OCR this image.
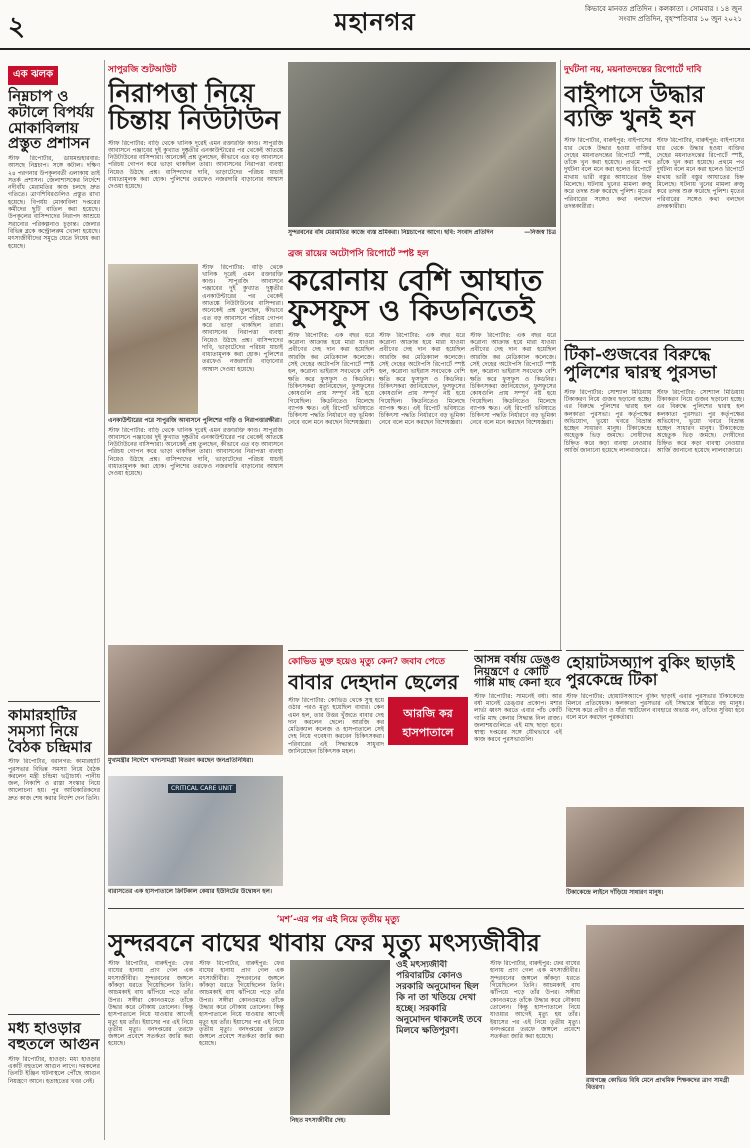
২	মহানগর	কিভাবে মানবত প্রতিদিন । কলকাতা । সোমবার । ১৪ জুন
সংবাদ প্রতিদিন, বৃহস্পতিবার ১০ জুন ২০২১
এক ঝলক
নিম্নচাপ ও কটালে বিপর্যয় মোকাবিলায় প্রস্তুত প্রশাসন
স্টাফ রিপোর্টার, ডায়মন্ডহারবার: আসছে নিম্নচাপ। সঙ্গে কটাল। দক্ষিণ ২৪ পরগনার উপকূলবর্তী এলাকায় তাই সতর্ক প্রশাসন। জেলাশাসকের নির্দেশে নদীবাঁধ মেরামতির কাজ চলছে দ্রুত গতিতে। ত্রাণশিবিরগুলিও প্রস্তুত রাখা হয়েছে। বিপর্যয় মোকাবিলা দপ্তরের কর্মীদের ছুটি বাতিল করা হয়েছে। উপকূলের বাসিন্দাদের নিরাপদ আশ্রয়ে সরানোর পরিকল্পনাও চূড়ান্ত। জেলার বিভিন্ন ব্লকে কন্ট্রোলরুম খোলা হয়েছে। মৎস্যজীবীদের সমুদ্রে যেতে নিষেধ করা হয়েছে।
কামারহাটির সমস্যা নিয়ে বৈঠক চন্দ্রিমার
স্টাফ রিপোর্টার, বরানগর: কামারহাটি পুরসভার বিভিন্ন সমস্যা নিয়ে বৈঠক করলেন মন্ত্রী চন্দ্রিমা ভট্টাচার্য। পানীয় জল, নিকাশি ও রাস্তা সংস্কার নিয়ে আলোচনা হয়। পুর আধিকারিকদের দ্রুত কাজ শেষ করার নির্দেশ দেন তিনি।
মধ্য হাওড়ার বহুতলে আগুন
স্টাফ রিপোর্টার, হাওড়া: মধ্য হাওড়ার একটি বহুতলে আগুন লাগে। দমকলের তিনটি ইঞ্জিন ঘটনাস্থলে পৌঁছে আগুন নিয়ন্ত্রণে আনে। হতাহতের খবর নেই।
সাপুরজি শুটআউট
নিরাপত্তা নিয়ে চিন্তায় নিউটাউন
স্টাফ রিপোর্টার: বাড়ি থেকে খানিক দূরেই এমন রক্তারক্তি কাণ্ড। সাপুরজি আবাসনে পঞ্জাবের দুই কুখ্যাত দুষ্কৃতীর এনকাউন্টারের পর থেকেই আতঙ্কে নিউটাউনের বাসিন্দারা। অনেকেই প্রশ্ন তুলছেন, কীভাবে এত বড় আবাসনে পরিচয় গোপন করে ভাড়া থাকছিল তারা। আবাসনের নিরাপত্তা ব্যবস্থা নিয়েও উঠছে প্রশ্ন। বাসিন্দাদের দাবি, ভাড়াটেদের পরিচয় যাচাই বাধ্যতামূলক করা হোক। পুলিশের তরফেও নজরদারি বাড়ানোর আশ্বাস দেওয়া হয়েছে।
স্টাফ রিপোর্টার: বাড়ি থেকে খানিক দূরেই এমন রক্তারক্তি কাণ্ড। সাপুরজি আবাসনে পঞ্জাবের দুই কুখ্যাত দুষ্কৃতীর এনকাউন্টারের পর থেকেই আতঙ্কে নিউটাউনের বাসিন্দারা। অনেকেই প্রশ্ন তুলছেন, কীভাবে এত বড় আবাসনে পরিচয় গোপন করে ভাড়া থাকছিল তারা। আবাসনের নিরাপত্তা ব্যবস্থা নিয়েও উঠছে প্রশ্ন। বাসিন্দাদের দাবি, ভাড়াটেদের পরিচয় যাচাই বাধ্যতামূলক করা হোক। পুলিশের তরফেও নজরদারি বাড়ানোর আশ্বাস দেওয়া হয়েছে।
এনকাউন্টারের পরে সাপুরজি আবাসনে পুলিশের গাড়ি ও নিরাপত্তারক্ষীরা।
স্টাফ রিপোর্টার: বাড়ি থেকে খানিক দূরেই এমন রক্তারক্তি কাণ্ড। সাপুরজি আবাসনে পঞ্জাবের দুই কুখ্যাত দুষ্কৃতীর এনকাউন্টারের পর থেকেই আতঙ্কে নিউটাউনের বাসিন্দারা। অনেকেই প্রশ্ন তুলছেন, কীভাবে এত বড় আবাসনে পরিচয় গোপন করে ভাড়া থাকছিল তারা। আবাসনের নিরাপত্তা ব্যবস্থা নিয়েও উঠছে প্রশ্ন। বাসিন্দাদের দাবি, ভাড়াটেদের পরিচয় যাচাই বাধ্যতামূলক করা হোক। পুলিশের তরফেও নজরদারি বাড়ানোর আশ্বাস দেওয়া হয়েছে।
সুন্দরবনের বাঁধ মেরামতির কাজে ব্যস্ত শ্রমিকরা। নিম্নচাপের আগে। ছবি: সংবাদ প্রতিদিন	—নিজস্ব চিত্র
ব্রজ রায়ের অটোপসি রিপোর্টে স্পষ্ট হল
করোনায় বেশি আঘাত ফুসফুস ও কিডনিতেই
স্টাফ রিপোর্টার: এক বছর ধরে করোনা আক্রান্ত হয়ে মারা যাওয়া প্রবীণের দেহ দান করা হয়েছিল আরজি কর মেডিক্যাল কলেজে। সেই দেহের অটোপসি রিপোর্টে স্পষ্ট হল, করোনা ভাইরাস সবথেকে বেশি ক্ষতি করে ফুসফুস ও কিডনির। চিকিৎসকরা জানিয়েছেন, ফুসফুসের কোষগুলি প্রায় সম্পূর্ণ নষ্ট হয়ে গিয়েছিল। কিডনিতেও মিলেছে ব্যাপক ক্ষত। এই রিপোর্ট ভবিষ্যতে চিকিৎসা পদ্ধতি নির্ধারণে বড় ভূমিকা নেবে বলে মনে করছেন বিশেষজ্ঞরা।
স্টাফ রিপোর্টার: এক বছর ধরে করোনা আক্রান্ত হয়ে মারা যাওয়া প্রবীণের দেহ দান করা হয়েছিল আরজি কর মেডিক্যাল কলেজে। সেই দেহের অটোপসি রিপোর্টে স্পষ্ট হল, করোনা ভাইরাস সবথেকে বেশি ক্ষতি করে ফুসফুস ও কিডনির। চিকিৎসকরা জানিয়েছেন, ফুসফুসের কোষগুলি প্রায় সম্পূর্ণ নষ্ট হয়ে গিয়েছিল। কিডনিতেও মিলেছে ব্যাপক ক্ষত। এই রিপোর্ট ভবিষ্যতে চিকিৎসা পদ্ধতি নির্ধারণে বড় ভূমিকা নেবে বলে মনে করছেন বিশেষজ্ঞরা।
স্টাফ রিপোর্টার: এক বছর ধরে করোনা আক্রান্ত হয়ে মারা যাওয়া প্রবীণের দেহ দান করা হয়েছিল আরজি কর মেডিক্যাল কলেজে। সেই দেহের অটোপসি রিপোর্টে স্পষ্ট হল, করোনা ভাইরাস সবথেকে বেশি ক্ষতি করে ফুসফুস ও কিডনির। চিকিৎসকরা জানিয়েছেন, ফুসফুসের কোষগুলি প্রায় সম্পূর্ণ নষ্ট হয়ে গিয়েছিল। কিডনিতেও মিলেছে ব্যাপক ক্ষত। এই রিপোর্ট ভবিষ্যতে চিকিৎসা পদ্ধতি নির্ধারণে বড় ভূমিকা নেবে বলে মনে করছেন বিশেষজ্ঞরা।
দুর্ঘটনা নয়, ময়নাতদন্তের রিপোর্টে দাবি
বাইপাসে উদ্ধার ব্যক্তি খুনই হন
স্টাফ রিপোর্টার, বারুইপুর: বাইপাসের ধার থেকে উদ্ধার হওয়া ব্যক্তির দেহের ময়নাতদন্তের রিপোর্টে স্পষ্ট, তাঁকে খুন করা হয়েছে। প্রথমে পথ দুর্ঘটনা বলে মনে করা হলেও রিপোর্টে মাথায় ভারী বস্তুর আঘাতের চিহ্ন মিলেছে। ঘটনায় খুনের মামলা রুজু করে তদন্ত শুরু করেছে পুলিশ। মৃতের পরিবারের সঙ্গেও কথা বলছেন তদন্তকারীরা।
স্টাফ রিপোর্টার, বারুইপুর: বাইপাসের ধার থেকে উদ্ধার হওয়া ব্যক্তির দেহের ময়নাতদন্তের রিপোর্টে স্পষ্ট, তাঁকে খুন করা হয়েছে। প্রথমে পথ দুর্ঘটনা বলে মনে করা হলেও রিপোর্টে মাথায় ভারী বস্তুর আঘাতের চিহ্ন মিলেছে। ঘটনায় খুনের মামলা রুজু করে তদন্ত শুরু করেছে পুলিশ। মৃতের পরিবারের সঙ্গেও কথা বলছেন তদন্তকারীরা।
টিকা-গুজবের বিরুদ্ধে পুলিশের দ্বারস্থ পুরসভা
স্টাফ রিপোর্টার: সোশ্যাল মিডিয়ায় টিকাকরণ নিয়ে গুজব ছড়ানো হচ্ছে। এর বিরুদ্ধে পুলিশের দ্বারস্থ হল কলকাতা পুরসভা। পুর কর্তৃপক্ষের অভিযোগ, ভুয়ো খবরে বিভ্রান্ত হচ্ছেন সাধারণ মানুষ। টিকাকেন্দ্রে অহেতুক ভিড় জমছে। দোষীদের চিহ্নিত করে কড়া ব্যবস্থা নেওয়ার আর্জি জানানো হয়েছে লালবাজারে।
স্টাফ রিপোর্টার: সোশ্যাল মিডিয়ায় টিকাকরণ নিয়ে গুজব ছড়ানো হচ্ছে। এর বিরুদ্ধে পুলিশের দ্বারস্থ হল কলকাতা পুরসভা। পুর কর্তৃপক্ষের অভিযোগ, ভুয়ো খবরে বিভ্রান্ত হচ্ছেন সাধারণ মানুষ। টিকাকেন্দ্রে অহেতুক ভিড় জমছে। দোষীদের চিহ্নিত করে কড়া ব্যবস্থা নেওয়ার আর্জি জানানো হয়েছে লালবাজারে।
মুখ্যমন্ত্রীর নির্দেশে খাদ্যসামগ্রী বিতরণ করছেন জনপ্রতিনিধিরা।
CRITICAL CARE UNIT
বারাসতের এক হাসপাতালে ক্রিটিকাল কেয়ার ইউনিটের উদ্বোধন হল।
কোভিড মুক্ত হয়েও মৃত্যু কেন? জবাব পেতে
বাবার দেহদান ছেলের
আরজি কর হাসপাতালে
স্টাফ রিপোর্টার: কোভিড থেকে সুস্থ হয়ে ওঠার পরও মৃত্যু হয়েছিল বাবার। কেন এমন হল, তার উত্তর খুঁজতে বাবার দেহ দান করলেন ছেলে। আরজি কর মেডিক্যাল কলেজ ও হাসপাতালে সেই দেহ নিয়ে গবেষণা করবেন চিকিৎসকরা। পরিবারের এই সিদ্ধান্তকে সাধুবাদ জানিয়েছেন চিকিৎসক মহল।
আসন্ন বর্ষায় ডেঙ্গু নিয়ন্ত্রণে ৫ কোটি গাপ্পি মাছ কেনা হবে
স্টাফ রিপোর্টার: সামনেই বর্ষা। আর বর্ষা মানেই ডেঙ্গুর প্রকোপ। মশার লার্ভা ধ্বংস করতে এবার পাঁচ কোটি গাপ্পি মাছ কেনার সিদ্ধান্ত নিল রাজ্য। জলাশয়গুলিতে এই মাছ ছাড়া হবে। স্বাস্থ্য দপ্তরের সঙ্গে যৌথভাবে এই কাজ করবে পুরসভাগুলি।
হোয়াটসঅ্যাপ বুকিং ছাড়াই পুরকেন্দ্রে টিকা
স্টাফ রিপোর্টার: হোয়াটসঅ্যাপে বুকিং ছাড়াই এবার পুরসভার টিকাকেন্দ্রে মিলবে প্রতিষেধক। কলকাতা পুরসভার এই সিদ্ধান্তে স্বস্তিতে বহু মানুষ। বিশেষ করে প্রবীণ ও যাঁরা স্মার্টফোন ব্যবহারে অভ্যস্ত নন, তাঁদের সুবিধা হবে বলে মনে করছেন পুরকর্তারা।
টিকাকেন্দ্রে লাইনে দাঁড়িয়ে সাধারণ মানুষ।
‘মশ’-এর পর এই নিয়ে তৃতীয় মৃত্যু
সুন্দরবনে বাঘের থাবায় ফের মৃত্যু মৎস্যজীবীর
স্টাফ রিপোর্টার, বারুইপুর: ফের বাঘের হানায় প্রাণ গেল এক মৎস্যজীবীর। সুন্দরবনের জঙ্গলে কাঁকড়া ধরতে গিয়েছিলেন তিনি। আচমকাই বাঘ ঝাঁপিয়ে পড়ে তাঁর উপর। সঙ্গীরা কোনওমতে তাঁকে উদ্ধার করে নৌকায় তোলেন। কিন্তু হাসপাতালে নিয়ে যাওয়ার আগেই মৃত্যু হয় তাঁর। ইয়াসের পর এই নিয়ে তৃতীয় মৃত্যু। বনদপ্তরের তরফে জঙ্গলে প্রবেশে সতর্কতা জারি করা হয়েছে।
স্টাফ রিপোর্টার, বারুইপুর: ফের বাঘের হানায় প্রাণ গেল এক মৎস্যজীবীর। সুন্দরবনের জঙ্গলে কাঁকড়া ধরতে গিয়েছিলেন তিনি। আচমকাই বাঘ ঝাঁপিয়ে পড়ে তাঁর উপর। সঙ্গীরা কোনওমতে তাঁকে উদ্ধার করে নৌকায় তোলেন। কিন্তু হাসপাতালে নিয়ে যাওয়ার আগেই মৃত্যু হয় তাঁর। ইয়াসের পর এই নিয়ে তৃতীয় মৃত্যু। বনদপ্তরের তরফে জঙ্গলে প্রবেশে সতর্কতা জারি করা হয়েছে।
নিহত মৎস্যজীবীর দেহ।
ওই মৎস্যজীবী পরিবারটির কোনও সরকারি অনুমোদন ছিল কি না তা খতিয়ে দেখা হচ্ছে। সরকারি অনুমোদন থাকলেই তবে মিলবে ক্ষতিপূরণ।
স্টাফ রিপোর্টার, বারুইপুর: ফের বাঘের হানায় প্রাণ গেল এক মৎস্যজীবীর। সুন্দরবনের জঙ্গলে কাঁকড়া ধরতে গিয়েছিলেন তিনি। আচমকাই বাঘ ঝাঁপিয়ে পড়ে তাঁর উপর। সঙ্গীরা কোনওমতে তাঁকে উদ্ধার করে নৌকায় তোলেন। কিন্তু হাসপাতালে নিয়ে যাওয়ার আগেই মৃত্যু হয় তাঁর। ইয়াসের পর এই নিয়ে তৃতীয় মৃত্যু। বনদপ্তরের তরফে জঙ্গলে প্রবেশে সতর্কতা জারি করা হয়েছে।
রায়গঞ্জে কোভিড বিধি মেনে প্রাথমিক শিক্ষকদের ত্রাণ সামগ্রী বিতরণ।
